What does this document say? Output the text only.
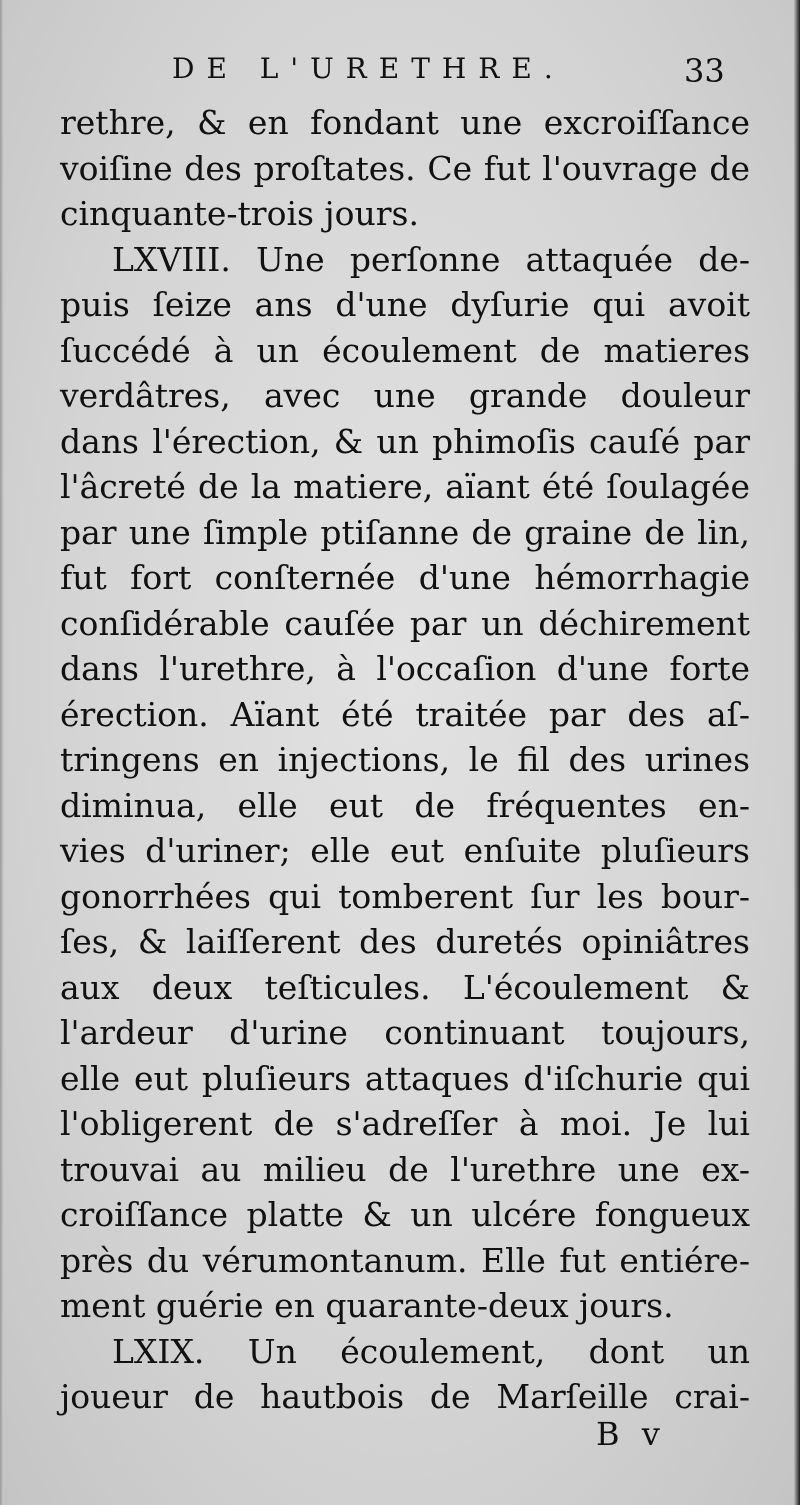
DE L'URETHRE.	33
rethre, & en fondant une excroiſſance
voiſine des proſtates. Ce fut l'ouvrage de
cinquante-trois jours.
LXVIII. Une perſonne attaquée de-
puis ſeize ans d'une dyſurie qui avoit
ſuccédé à un écoulement de matieres
verdâtres, avec une grande douleur
dans l'érection, & un phimoſis cauſé par
l'âcreté de la matiere, aïant été ſoulagée
par une ſimple ptiſanne de graine de lin,
fut fort conſternée d'une hémorrhagie
conſidérable cauſée par un déchirement
dans l'urethre, à l'occaſion d'une forte
érection. Aïant été traitée par des aſ-
tringens en injections, le fil des urines
diminua, elle eut de fréquentes en-
vies d'uriner; elle eut enſuite pluſieurs
gonorrhées qui tomberent ſur les bour-
ſes, & laiſſerent des duretés opiniâtres
aux deux teſticules. L'écoulement &
l'ardeur d'urine continuant toujours,
elle eut pluſieurs attaques d'iſchurie qui
l'obligerent de s'adreſſer à moi. Je lui
trouvai au milieu de l'urethre une ex-
croiſſance platte & un ulcére fongueux
près du vérumontanum. Elle fut entiére-
ment guérie en quarante-deux jours.
LXIX. Un écoulement, dont un
joueur de hautbois de Marſeille crai-
B v
